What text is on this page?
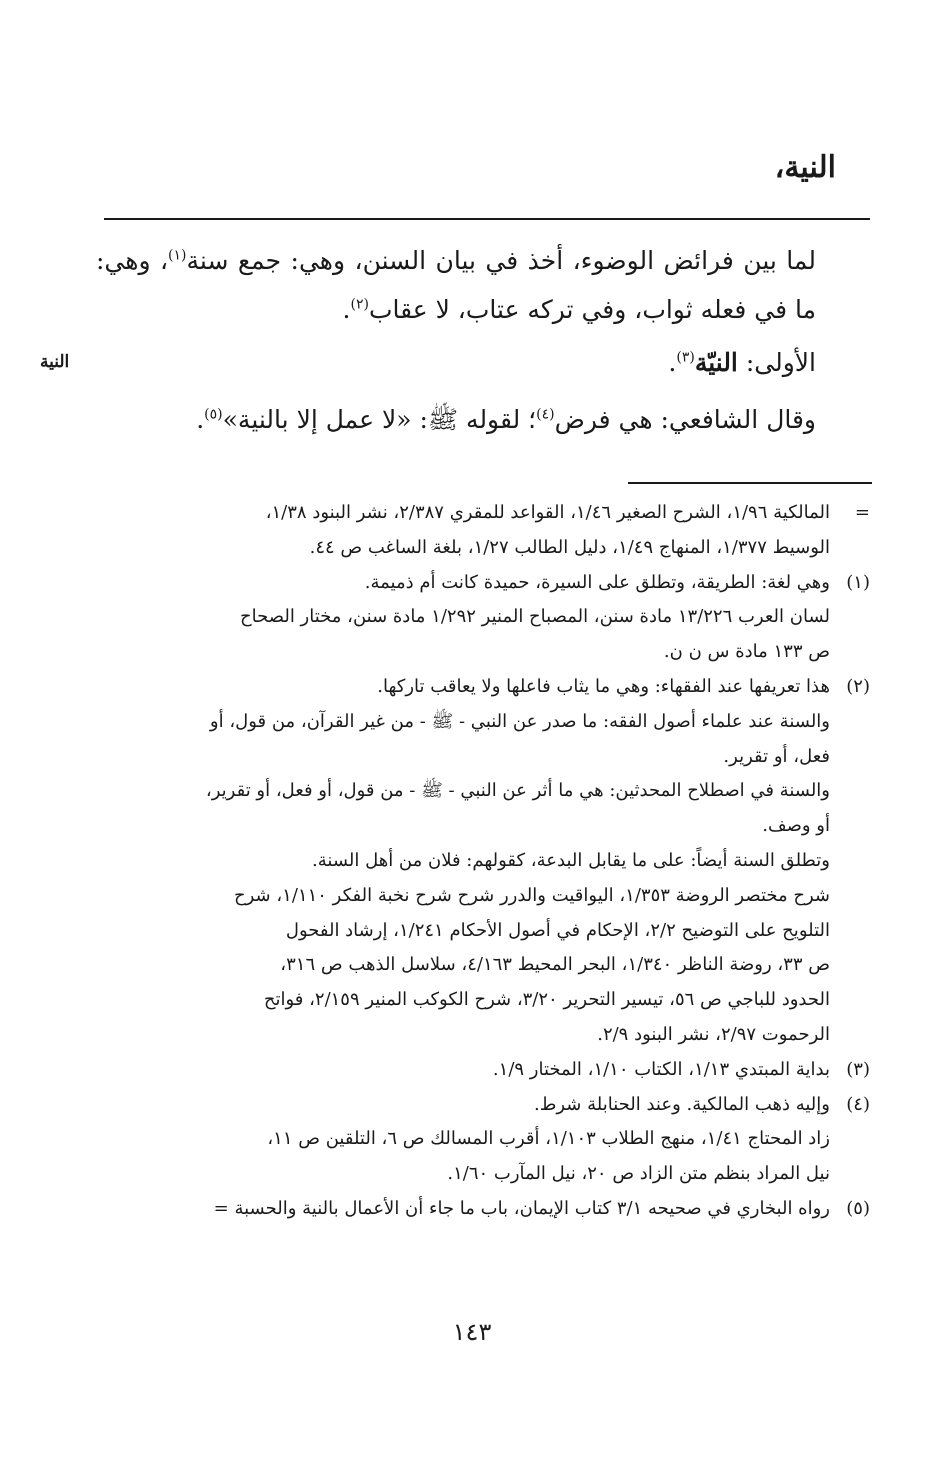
النية،
النية

لما بين فرائض الوضوء، أخذ في بيان السنن، وهي: جمع سنة$^{(١)}$، وهي: ما في فعله ثواب، وفي تركه عتاب، لا عقاب$^{(٢)}$.

الأولى: النيّة$^{(٣)}$.

وقال الشافعي: هي فرض$^{(٤)}$؛ لقوله ﷺ: «لا عمل إلا بالنية»$^{(٥)}$.

=
المالكية ١/٩٦، الشرح الصغير ١/٤٦، القواعد للمقري ٢/٣٨٧، نشر البنود ١/٣٨،
الوسيط ١/٣٧٧، المنهاج ١/٤٩، دليل الطالب ١/٢٧، بلغة الساغب ص ٤٤.
(١)
وهي لغة: الطريقة، وتطلق على السيرة، حميدة كانت أم ذميمة.
لسان العرب ١٣/٢٢٦ مادة سنن، المصباح المنير ١/٢٩٢ مادة سنن، مختار الصحاح
ص ١٣٣ مادة س ن ن.
(٢)
هذا تعريفها عند الفقهاء: وهي ما يثاب فاعلها ولا يعاقب تاركها.
والسنة عند علماء أصول الفقه: ما صدر عن النبي - ﷺ - من غير القرآن، من قول، أو
فعل، أو تقرير.
والسنة في اصطلاح المحدثين: هي ما أثر عن النبي - ﷺ - من قول، أو فعل، أو تقرير،
أو وصف.
وتطلق السنة أيضاً: على ما يقابل البدعة، كقولهم: فلان من أهل السنة.
شرح مختصر الروضة ١/٣٥٣، اليواقيت والدرر شرح شرح نخبة الفكر ١/١١٠، شرح
التلويح على التوضيح ٢/٢، الإحكام في أصول الأحكام ١/٢٤١، إرشاد الفحول
ص ٣٣، روضة الناظر ١/٣٤٠، البحر المحيط ٤/١٦٣، سلاسل الذهب ص ٣١٦،
الحدود للباجي ص ٥٦، تيسير التحرير ٣/٢٠، شرح الكوكب المنير ٢/١٥٩، فواتح
الرحموت ٢/٩٧، نشر البنود ٢/٩.
(٣)
بداية المبتدي ١/١٣، الكتاب ١/١٠، المختار ١/٩.
(٤)
وإليه ذهب المالكية. وعند الحنابلة شرط.
زاد المحتاج ١/٤١، منهج الطلاب ١/١٠٣، أقرب المسالك ص ٦، التلقين ص ١١،
نيل المراد بنظم متن الزاد ص ٢٠، نيل المآرب ١/٦٠.
(٥)
رواه البخاري في صحيحه ٣/١ كتاب الإيمان، باب ما جاء أن الأعمال بالنية والحسبة =
١٤٣
